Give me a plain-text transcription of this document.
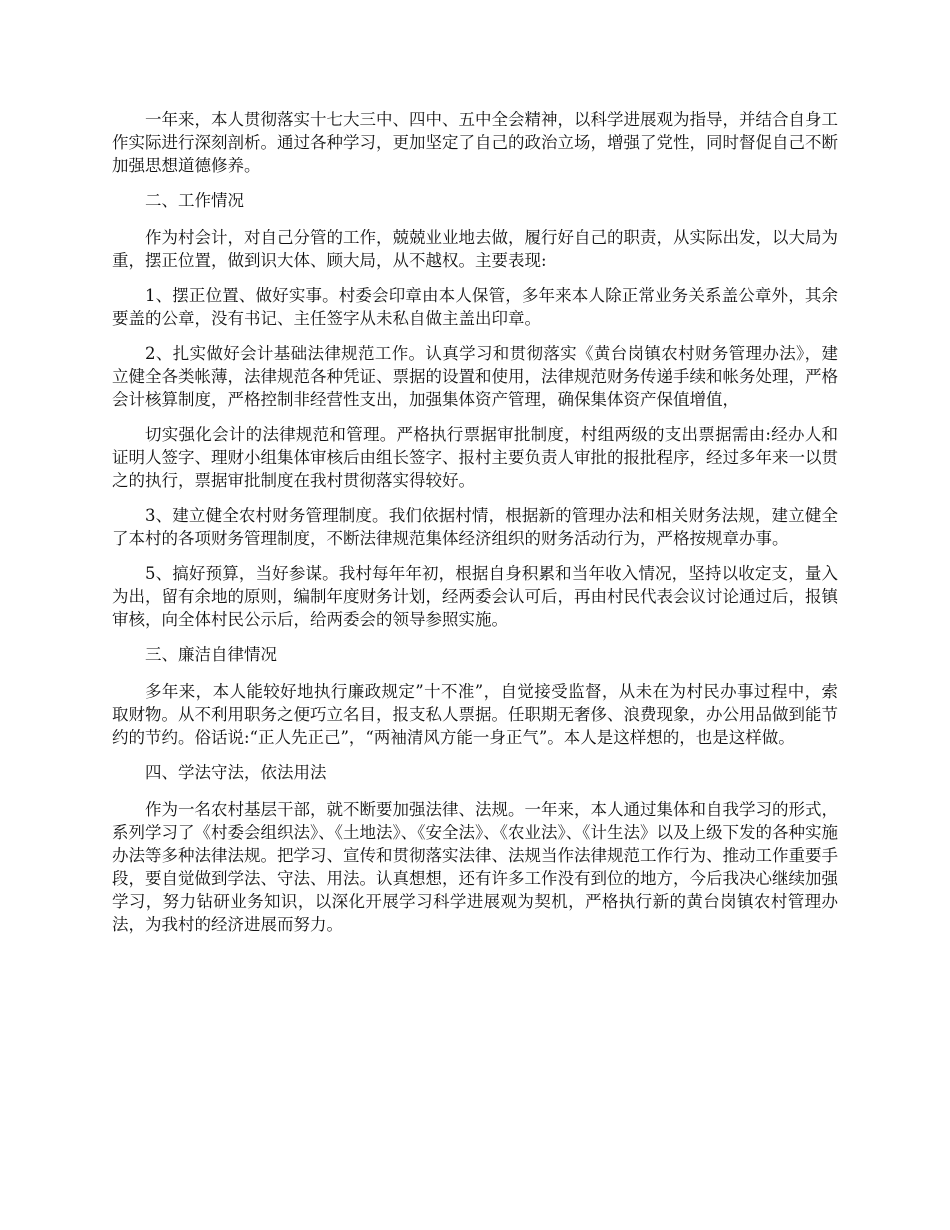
一年来，本人贯彻落实十七大三中、四中、五中全会精神，以科学进展观为指导，并结合自身工作实际进行深刻剖析。通过各种学习，更加坚定了自己的政治立场，增强了党性，同时督促自己不断加强思想道德修养。

二、工作情况

作为村会计，对自己分管的工作，兢兢业业地去做，履行好自己的职责，从实际出发，以大局为重，摆正位置，做到识大体、顾大局，从不越权。主要表现:

1、摆正位置、做好实事。村委会印章由本人保管，多年来本人除正常业务关系盖公章外，其余要盖的公章，没有书记、主任签字从未私自做主盖出印章。

2、扎实做好会计基础法律规范工作。认真学习和贯彻落实《黄台岗镇农村财务管理办法》，建立健全各类帐薄，法律规范各种凭证、票据的设置和使用，法律规范财务传递手续和帐务处理，严格会计核算制度，严格控制非经营性支出，加强集体资产管理，确保集体资产保值增值，

切实强化会计的法律规范和管理。严格执行票据审批制度，村组两级的支出票据需由:经办人和证明人签字、理财小组集体审核后由组长签字、报村主要负责人审批的报批程序，经过多年来一以贯之的执行，票据审批制度在我村贯彻落实得较好。

3、建立健全农村财务管理制度。我们依据村情，根据新的管理办法和相关财务法规，建立健全了本村的各项财务管理制度，不断法律规范集体经济组织的财务活动行为，严格按规章办事。

5、搞好预算，当好参谋。我村每年年初，根据自身积累和当年收入情况，坚持以收定支，量入为出，留有余地的原则，编制年度财务计划，经两委会认可后，再由村民代表会议讨论通过后，报镇审核，向全体村民公示后，给两委会的领导参照实施。

三、廉洁自律情况

多年来，本人能较好地执行廉政规定”十不准”，自觉接受监督，从未在为村民办事过程中，索取财物。从不利用职务之便巧立名目，报支私人票据。任职期无奢侈、浪费现象，办公用品做到能节约的节约。俗话说:“正人先正己”，“两袖清风方能一身正气”。本人是这样想的，也是这样做。

四、学法守法，依法用法

作为一名农村基层干部，就不断要加强法律、法规。一年来，本人通过集体和自我学习的形式，系列学习了《村委会组织法》、《土地法》、《安全法》、《农业法》、《计生法》以及上级下发的各种实施办法等多种法律法规。把学习、宣传和贯彻落实法律、法规当作法律规范工作行为、推动工作重要手段，要自觉做到学法、守法、用法。认真想想，还有许多工作没有到位的地方，今后我决心继续加强学习，努力钻研业务知识，以深化开展学习科学进展观为契机，严格执行新的黄台岗镇农村管理办法，为我村的经济进展而努力。
